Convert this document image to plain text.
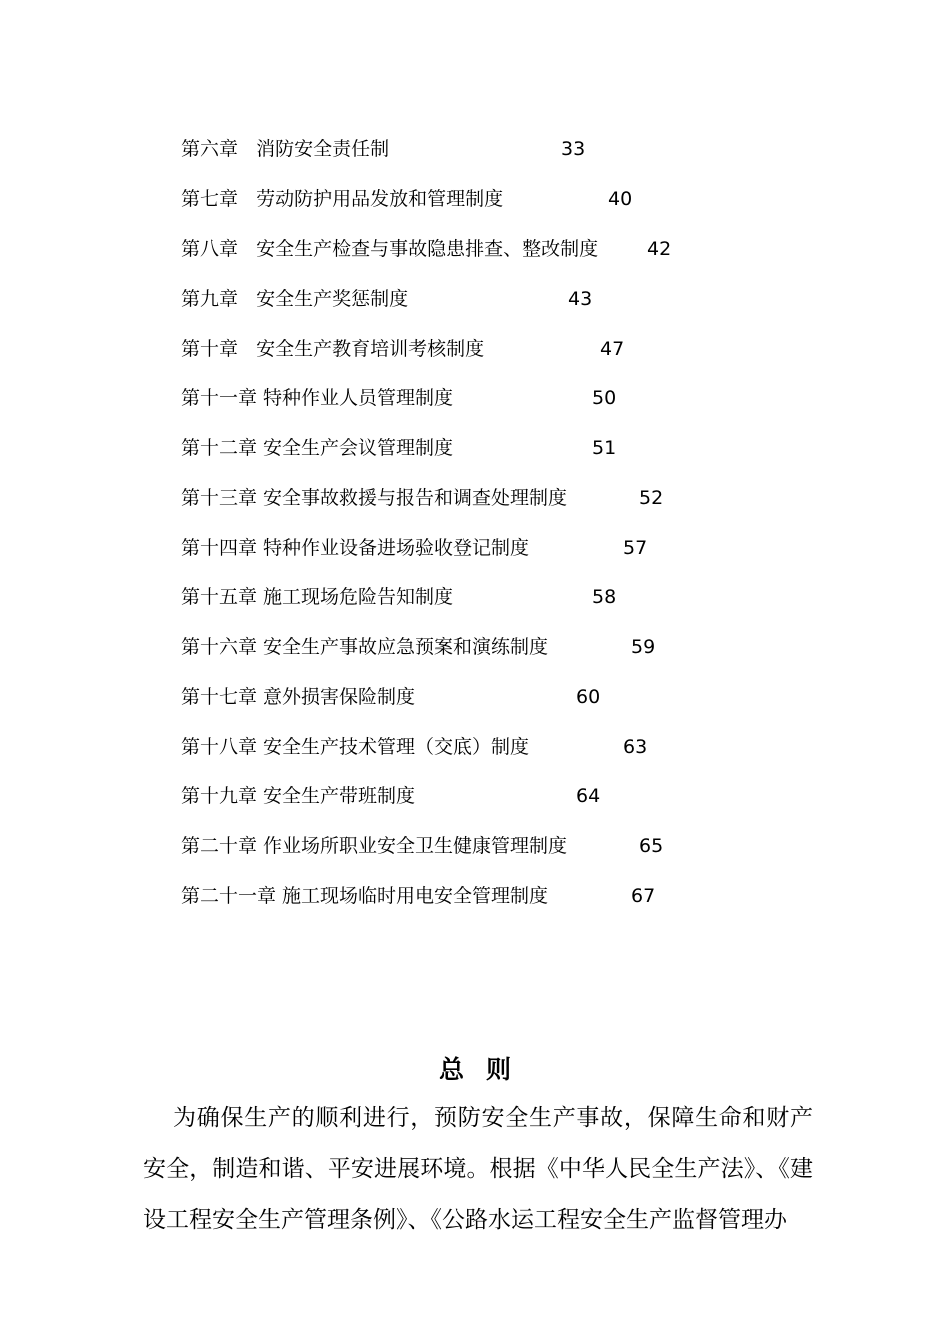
第六章   消防安全责任制	33
第七章   劳动防护用品发放和管理制度	40
第八章   安全生产检查与事故隐患排查、整改制度	42
第九章   安全生产奖惩制度	43
第十章   安全生产教育培训考核制度	47
第十一章 特种作业人员管理制度	50
第十二章 安全生产会议管理制度	51
第十三章 安全事故救援与报告和调查处理制度	52
第十四章 特种作业设备进场验收登记制度	57
第十五章 施工现场危险告知制度	58
第十六章 安全生产事故应急预案和演练制度	59
第十七章 意外损害保险制度	60
第十八章 安全生产技术管理（交底）制度	63
第十九章 安全生产带班制度	64
第二十章 作业场所职业安全卫生健康管理制度	65
第二十一章 施工现场临时用电安全管理制度	67
总则

为确保生产的顺利进行，预防安全生产事故，保障生命和财产安全，制造和谐、平安进展环境。根据《中华人民全生产法》、《建设工程安全生产管理条例》、《公路水运工程安全生产监督管理办
